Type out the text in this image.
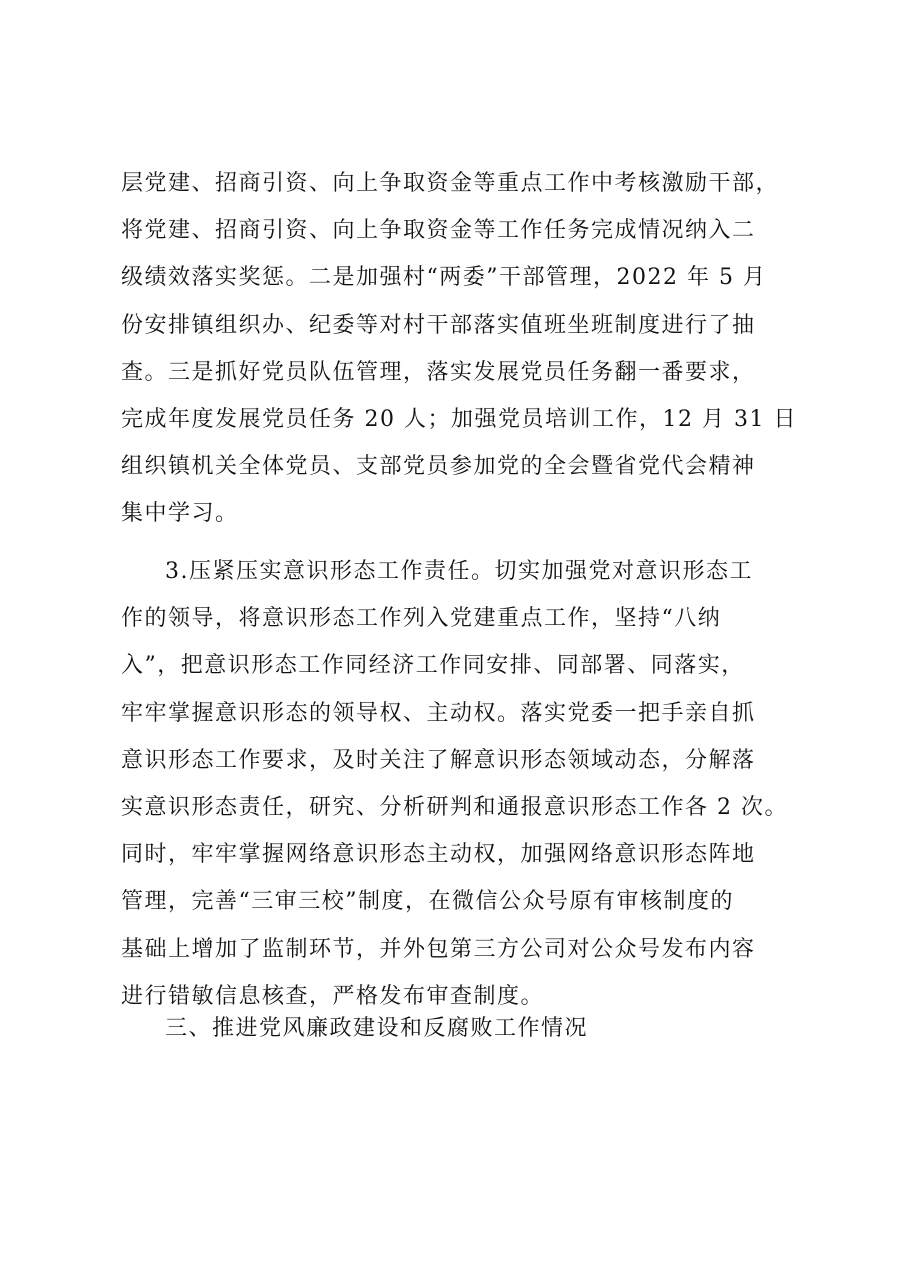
层党建、招商引资、向上争取资金等重点工作中考核激励干部，
将党建、招商引资、向上争取资金等工作任务完成情况纳入二
级绩效落实奖惩。二是加强村“两委”干部管理，2022 年 5 月
份安排镇组织办、纪委等对村干部落实值班坐班制度进行了抽
查。三是抓好党员队伍管理，落实发展党员任务翻一番要求，
完成年度发展党员任务 20 人；加强党员培训工作，12 月 31 日
组织镇机关全体党员、支部党员参加党的全会暨省党代会精神
集中学习。
3.压紧压实意识形态工作责任。切实加强党对意识形态工
作的领导，将意识形态工作列入党建重点工作，坚持“八纳
入”，把意识形态工作同经济工作同安排、同部署、同落实，
牢牢掌握意识形态的领导权、主动权。落实党委一把手亲自抓
意识形态工作要求，及时关注了解意识形态领域动态，分解落
实意识形态责任，研究、分析研判和通报意识形态工作各 2 次。
同时，牢牢掌握网络意识形态主动权，加强网络意识形态阵地
管理，完善“三审三校”制度，在微信公众号原有审核制度的
基础上增加了监制环节，并外包第三方公司对公众号发布内容
进行错敏信息核查，严格发布审查制度。
三、推进党风廉政建设和反腐败工作情况
